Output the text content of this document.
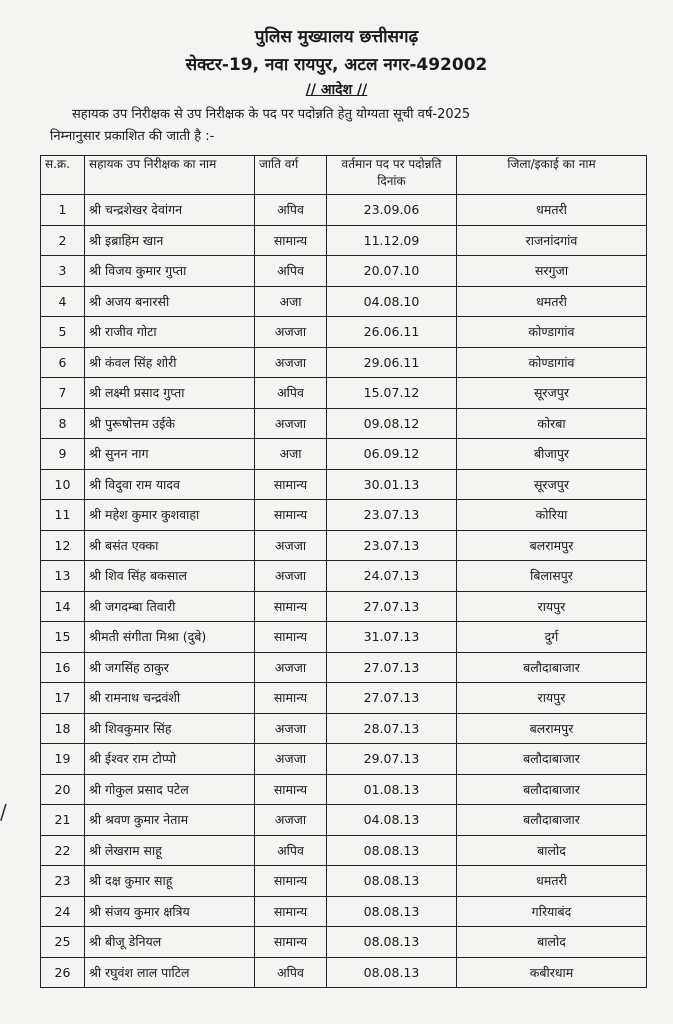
पुलिस मुख्यालय छत्तीसगढ़
सेक्टर-19, नवा रायपुर, अटल नगर-492002
// आदेश //
सहायक उप निरीक्षक से उप निरीक्षक के पद पर पदोन्नति हेतु योग्यता सूची वर्ष-2025
निम्नानुसार प्रकाशित की जाती है :-
स.क्र.	सहायक उप निरीक्षक का नाम	जाति वर्ग	वर्तमान पद पर पदोन्नति दिनांक	जिला/इकाई का नाम
1	श्री चन्द्रशेखर देवांगन	अपिव	23.09.06	धमतरी
2	श्री इब्राहिम खान	सामान्य	11.12.09	राजनांदगांव
3	श्री विजय कुमार गुप्ता	अपिव	20.07.10	सरगुजा
4	श्री अजय बनारसी	अजा	04.08.10	धमतरी
5	श्री राजीव गोटा	अजजा	26.06.11	कोण्डागांव
6	श्री कंवल सिंह शोरी	अजजा	29.06.11	कोण्डागांव
7	श्री लक्ष्मी प्रसाद गुप्ता	अपिव	15.07.12	सूरजपुर
8	श्री पुरूषोत्तम उईके	अजजा	09.08.12	कोरबा
9	श्री सुनन नाग	अजा	06.09.12	बीजापुर
10	श्री विदुवा राम यादव	सामान्य	30.01.13	सूरजपुर
11	श्री महेश कुमार कुशवाहा	सामान्य	23.07.13	कोरिया
12	श्री बसंत एक्का	अजजा	23.07.13	बलरामपुर
13	श्री शिव सिंह बकसाल	अजजा	24.07.13	बिलासपुर
14	श्री जगदम्बा तिवारी	सामान्य	27.07.13	रायपुर
15	श्रीमती संगीता मिश्रा (दुबे)	सामान्य	31.07.13	दुर्ग
16	श्री जगसिंह ठाकुर	अजजा	27.07.13	बलौदाबाजार
17	श्री रामनाथ चन्द्रवंशी	सामान्य	27.07.13	रायपुर
18	श्री शिवकुमार सिंह	अजजा	28.07.13	बलरामपुर
19	श्री ईश्वर राम टोप्पो	अजजा	29.07.13	बलौदाबाजार
20	श्री गोकुल प्रसाद पटेल	सामान्य	01.08.13	बलौदाबाजार
21	श्री श्रवण कुमार नेताम	अजजा	04.08.13	बलौदाबाजार
22	श्री लेखराम साहू	अपिव	08.08.13	बालोद
23	श्री दक्ष कुमार साहू	सामान्य	08.08.13	धमतरी
24	श्री संजय कुमार क्षत्रिय	सामान्य	08.08.13	गरियाबंद
25	श्री बीजू डेनियल	सामान्य	08.08.13	बालोद
26	श्री रघुवंश लाल पाटिल	अपिव	08.08.13	कबीरधाम
/
